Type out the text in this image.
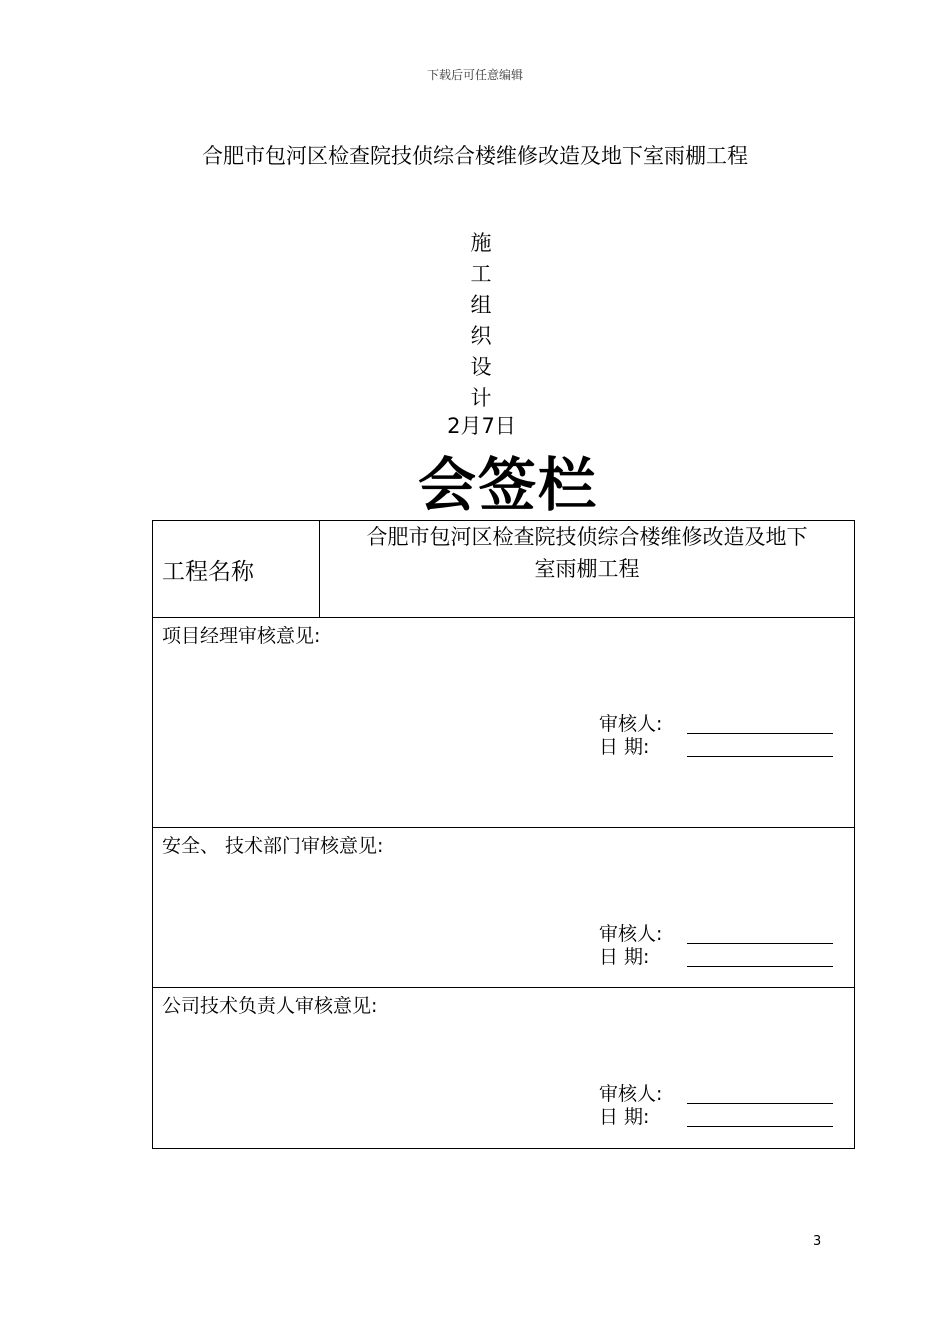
下载后可任意编辑
合肥市包河区检查院技侦综合楼维修改造及地下室雨棚工程
施
工
组
织
设
计
2月7日
会签栏
工程名称	
合肥市包河区检查院技侦综合楼维修改造及地下
室雨棚工程

项目经理审核意见:
审核人:
日 期:

安全、 技术部门审核意见:
审核人:
日 期:

公司技术负责人审核意见:
审核人:
日 期:
3
